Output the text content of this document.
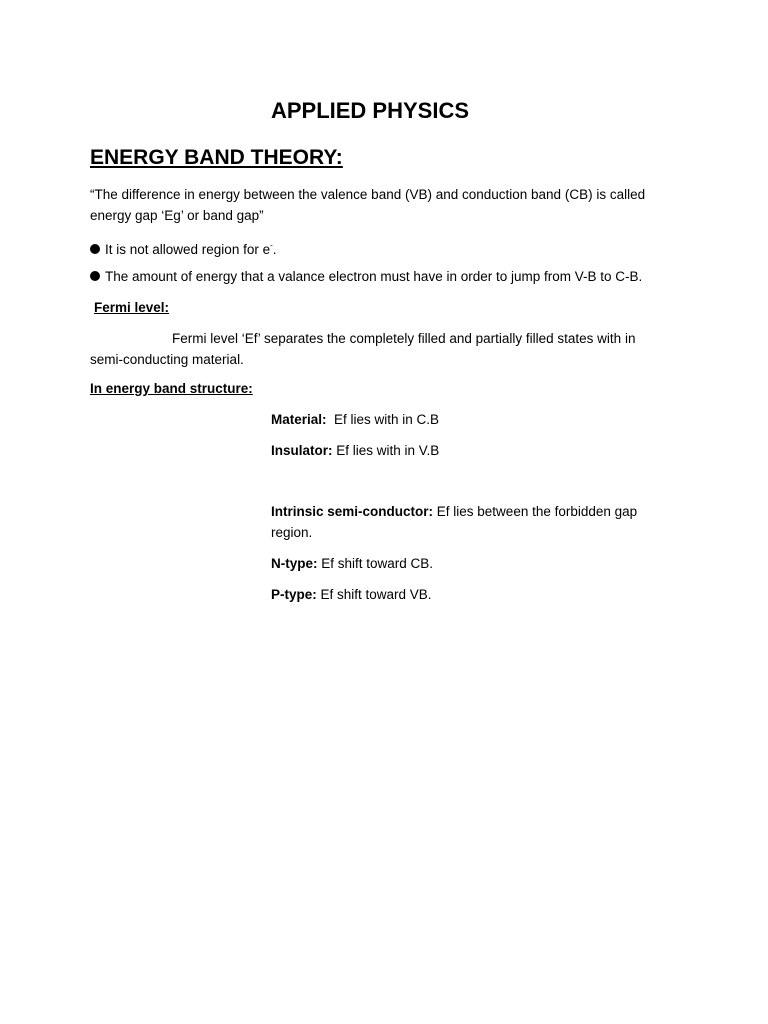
APPLIED PHYSICS
ENERGY BAND THEORY:
“The difference in energy between the valence band (VB) and conduction band (CB) is called energy gap ‘Eg’ or band gap”
It is not allowed region for e-.
The amount of energy that a valance electron must have in order to jump from V-B to C-B.
Fermi level:
Fermi level ‘Ef’ separates the completely filled and partially filled states with in semi-conducting material.
In energy band structure:
Material:  Ef lies with in C.B
Insulator: Ef lies with in V.B
Intrinsic semi-conductor: Ef lies between the forbidden gap region.
N-type: Ef shift toward CB.
P-type: Ef shift toward VB.
